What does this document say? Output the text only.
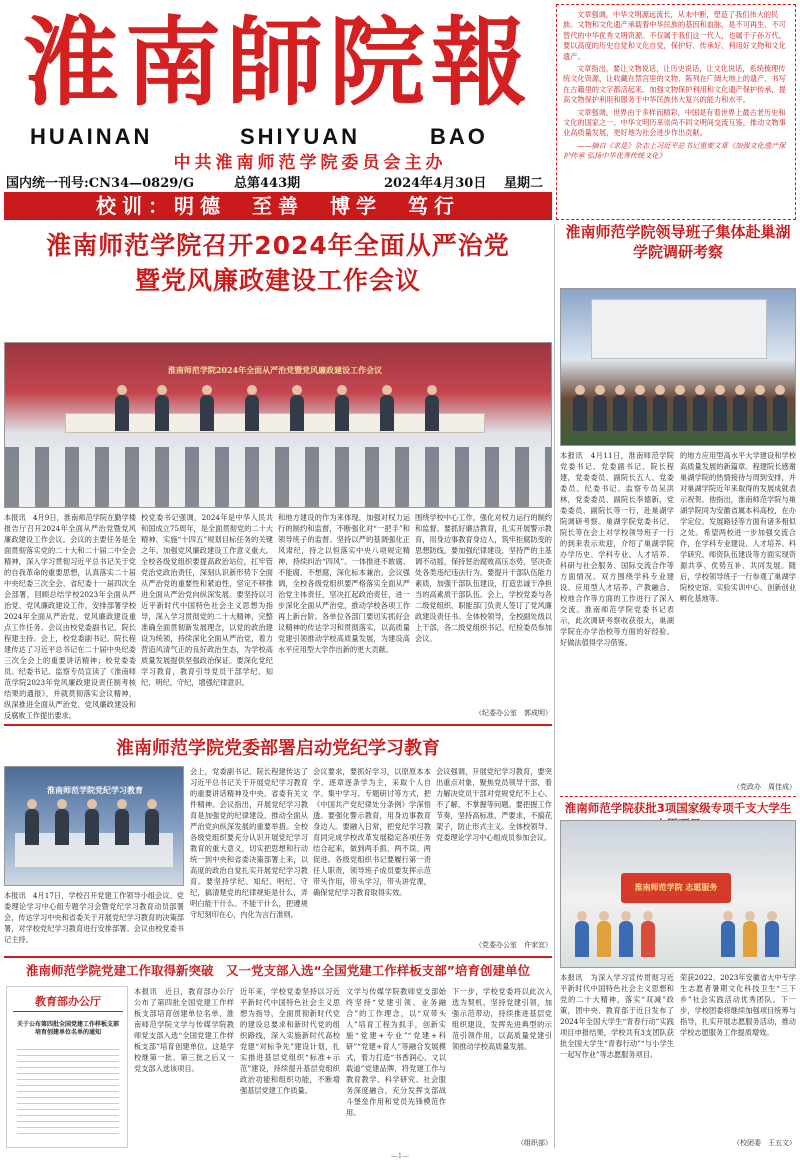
淮南師院報
HUAINAN	SHIYUAN	BAO
中共淮南师范学院委员会主办
国内统一刊号:CN34—0829/G	总第443期	2024年4月30日 星期二
校训：明德　至善　博学　笃行

文章强调，中华文明源远流长，从未中断，塑造了我们伟大的民族。文物和文化遗产承载着中华民族的基因和血脉，是不可再生、不可替代的中华优秀文明资源。不仅属于我们这一代人，也属于子孙万代。要以高度的历史自觉和文化自觉，保护好、传承好、利用好文物和文化遗产。

文章指出，要让文物说话，让历史说话，让文化说话，系统梳理传统文化资源，让收藏在禁宫里的文物、陈列在广阔大地上的遗产、书写在古籍里的文字都活起来。加强文物保护利用和文化遗产保护传承，提高文物保护利用和服务于中华民族伟大复兴的能力和水平。

文章强调，世界由于多样而精彩，中国是有着世界上最古老历史和文化的国家之一。中华文明历来崇尚不同文明间交流互鉴，推动文物事业高质量发展，更好地为社会进步作出贡献。

——摘自《求是》杂志上习近平总书记重要文章《加强文化遗产保护传承 弘扬中华优秀传统文化》

淮南师范学院召开2024年全面从严治党
暨党风廉政建设工作会议
淮南师范学院2024年全面从严治党暨党风廉政建设工作会议
本报讯　4月9日，淮南师范学院在勤学楼报告厅召开2024年全面从严治党暨党风廉政建设工作会议。会议的主要任务是全面贯彻落实党的二十大和二十届二中全会精神，深入学习贯彻习近平总书记关于党的自我革命的重要思想，认真落实二十届中央纪委三次全会、省纪委十一届四次全会部署，回顾总结学校2023年全面从严治党、党风廉政建设工作，安排部署学校2024年全面从严治党、党风廉政建设重点工作任务。会议由校党委副书记、院长程建主持。会上，校党委副书记、院长程建传达了习近平总书记在二十届中央纪委三次全会上的重要讲话精神；校党委委员、纪委书记、监察专员宣读了《淮南师范学院2023年党风廉政建设责任制考核结果的通报》，并就贯彻落实会议精神，纵深推进全面从严治党、党风廉政建设和反腐败工作提出要求。
校党委书记强调，2024年是中华人民共和国成立75周年，是全面贯彻党的二十大精神、实施“十四五”规划目标任务的关键之年。加强党风廉政建设工作意义重大。全校各级党组织要提高政治站位，扛牢管党治党政治责任，深刻认识新形势下全面从严治党的重要性和紧迫性，坚定不移推进全面从严治党向纵深发展。要坚持以习近平新时代中国特色社会主义思想为指导，深入学习贯彻党的二十大精神，完整准确全面贯彻新发展理念，以党的政治建设为统领，持续深化全面从严治党，着力营造风清气正的良好政治生态，为学校高质量发展提供坚强政治保证。要深化党纪学习教育，教育引导党员干部学纪、知纪、明纪、守纪，增强纪律意识。
和地方建设的作为来体现，加强对权力运行的制约和监督，不断强化对“一把手”和领导班子的监督。坚持以严的基调强化正风肃纪，持之以恒落实中央八项规定精神，持续纠治“四风”。一体推进不敢腐、不能腐、不想腐，深化标本兼治。会议强调，全校各级党组织要严格落实全面从严治党主体责任，坚决扛起政治责任，进一步深化全面从严治党，推动学校各项工作再上新台阶。各单位各部门要切实抓好会议精神的传达学习和贯彻落实，以高质量党建引领推动学校高质量发展，为建设高水平应用型大学作出新的更大贡献。
围绕学校中心工作，强化对权力运行的制约和监督。要抓好廉洁教育，扎实开展警示教育，用身边事教育身边人，筑牢拒腐防变的思想防线。要加强纪律建设，坚持严的主基调不动摇，保持惩治腐败高压态势，坚决查处各类违纪违法行为。要提升干部队伍能力素质，加强干部队伍建设，打造忠诚干净担当的高素质干部队伍。会上，学校党委与各二级党组织、职能部门负责人签订了党风廉政建设责任书。全体校领导，全校副处级以上干部，各二级党组织书记、纪检委员参加会议。
（纪委办公室　郭成明）
淮南师范学院党委部署启动党纪学习教育
淮南师范学院党纪学习教育
本报讯　4月17日，学校召开党建工作领导小组会议、党委理论学习中心组专题学习会暨党纪学习教育动员部署会，传达学习中央和省委关于开展党纪学习教育的决策部署，对学校党纪学习教育进行安排部署。会议由校党委书记主持。
会上，党委副书记、院长程建传达了习近平总书记关于开展党纪学习教育的重要讲话精神及中央、省委有关文件精神。会议指出，开展党纪学习教育是加强党的纪律建设、推动全面从严治党向纵深发展的重要举措。全校各级党组织要充分认识开展党纪学习教育的重大意义，切实把思想和行动统一到中央和省委决策部署上来，以高度的政治自觉扎实开展党纪学习教育。要坚持学纪、知纪、明纪、守纪，搞清楚党的纪律规矩是什么，弄明白能干什么、不能干什么，把遵规守纪刻印在心，内化为言行准则。
会议要求，要抓好学习，以原原本本学、逐章逐条学为主，采取个人自学、集中学习、专题研讨等方式，把《中国共产党纪律处分条例》学深悟透。要强化警示教育，用身边事教育身边人。要融入日常，把党纪学习教育同完成学校改革发展稳定各项任务结合起来，做到两手抓、两不误、两促进。各级党组织书记要履行第一责任人职责，领导班子成员要发挥示范带头作用，带头学习，带头讲党课，确保党纪学习教育取得实效。
会议强调，开展党纪学习教育，要突出重点对象，聚焦党员领导干部，着力解决党员干部对党规党纪不上心、不了解、不掌握等问题。要把握工作节奏，坚持高标准、严要求，不搞花架子，防止形式主义。全体校领导、党委理论学习中心组成员参加会议。
（党委办公室　许家宜）
淮南师范学院领导班子集体赴巢湖学院调研考察
本报讯　4月11日，淮南师范学院党委书记、党委副书记、院长程建，党委委员、副院长五人、党委委员、纪委书记、监察专员吴洪林，党委委员、副院长李德新，党委委员、副院长等一行，赴巢湖学院调研考察。巢湖学院党委书记、院长等在会上对学校领导班子一行的到来表示欢迎，介绍了巢湖学院办学历史、学科专业、人才培养、科研与社会服务、国际交流合作等方面情况。双方围绕学科专业建设、应用型人才培养、产教融合、校地合作等方面的工作进行了深入交流。淮南师范学院党委书记表示，此次调研考察收获很大，巢湖学院在办学治校等方面的好经验、好做法值得学习借鉴。
的地方应用型高水平大学建设和学校高质量发展的新篇章。程建院长感谢巢湖学院的热情接待与周到安排，并对巢湖学院近年来取得的发展成就表示祝贺。他指出，淮南师范学院与巢湖学院同为安徽省属本科高校，在办学定位、发展路径等方面有诸多相似之处。希望两校进一步加强交流合作，在学科专业建设、人才培养、科学研究、师资队伍建设等方面实现资源共享、优势互补、共同发展。随后，学校领导班子一行参观了巢湖学院校史馆、实验实训中心、创新创业孵化基地等。
（党政办　周佳成）
淮南师范学院获批3项国家级专项千支大学生
淮南师范学院 志愿服务
本报讯　为深入学习宣传贯彻习近平新时代中国特色社会主义思想和党的二十大精神，落实“双减”政策，团中央、教育部于近日发布了2024年全国大学生“青春行动”实践项目申报结果，学校共有3支团队获批全国大学生“青春行动”“与小学生一起写作业”等志愿服务项目。
荣获2022、2023年安徽省大中专学生志愿者暑期文化科技卫生“三下乡”社会实践活动优秀团队。下一步，学校团委将继续加强项目统筹与指导，扎实开展志愿服务活动，推动学校志愿服务工作提质增效。
（校团委　王五文）
淮南师范学院党建工作取得新突破　又一党支部入选“全国党建工作样板支部”培育创建单位
教育部办公厅
关于公布第四批全国党建工作样板支部培育创建单位名单的通知
本报讯　近日，教育部办公厅公布了第四批全国党建工作样板支部培育创建单位名单，淮南师范学院文学与传媒学院教师党支部入选“全国党建工作样板支部”培育创建单位。这是学校继第一批、第三批之后又一党支部入选该项目。
近年来，学校党委坚持以习近平新时代中国特色社会主义思想为指导，全面贯彻新时代党的建设总要求和新时代党的组织路线，深入实施新时代高校党建“对标争先”建设计划，扎实推进基层党组织“标准+示范”建设，持续提升基层党组织政治功能和组织功能，不断增强基层党建工作质量。
文学与传媒学院教师党支部始终坚持“党建引领、业务融合”的工作理念，以“双带头人”培育工程为抓手，创新实施“党建+专业”“党建+科研”“党建+育人”等融合发展模式，着力打造“书香润心、文以载道”党建品牌，将党建工作与教育教学、科学研究、社会服务深度融合，充分发挥支部战斗堡垒作用和党员先锋模范作用。
下一步，学校党委将以此次入选为契机，坚持党建引领，加强示范带动，持续推进基层党组织建设，发挥先进典型的示范引领作用，以高质量党建引领推动学校高质量发展。
（组织部）
—1—
